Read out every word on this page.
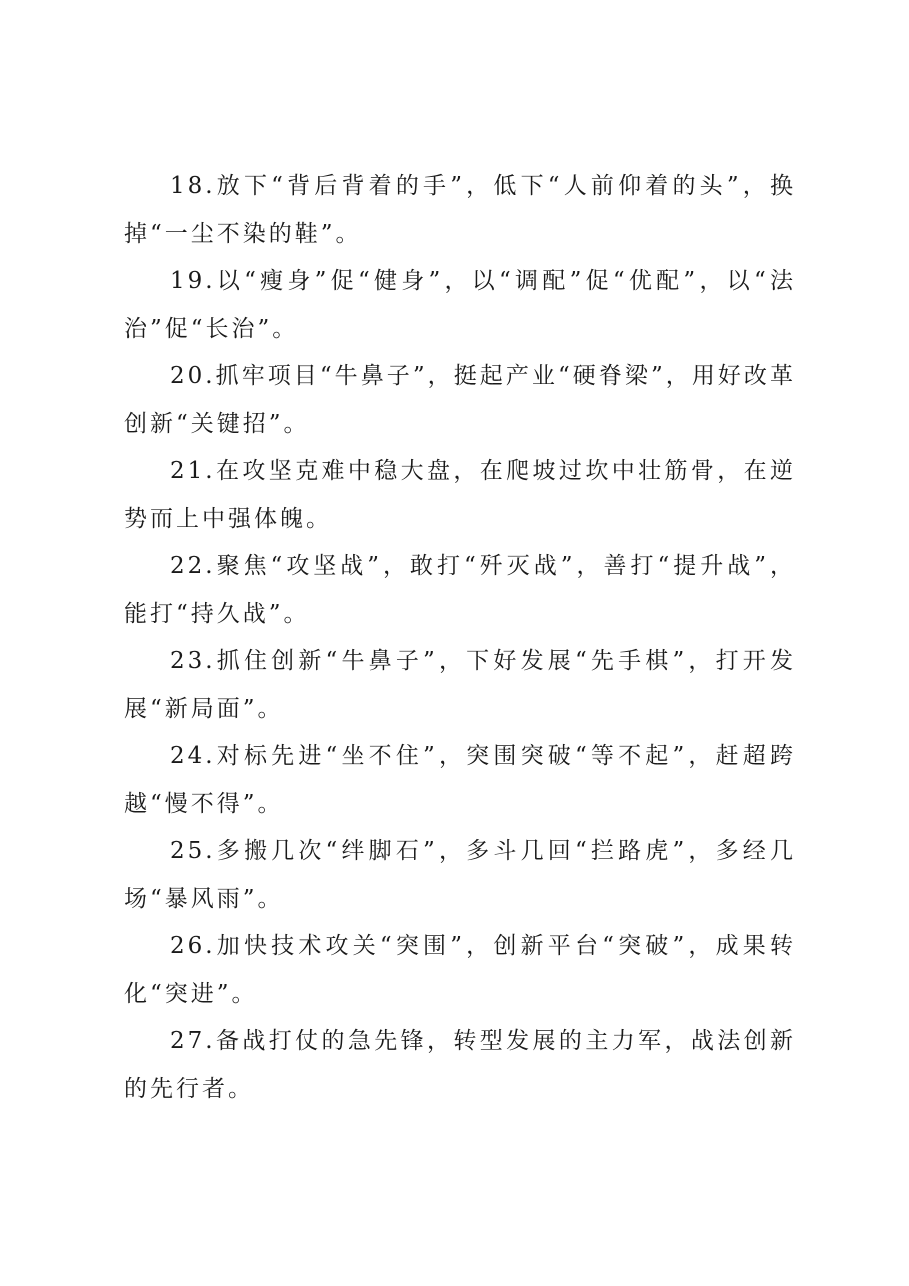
18.放下“背后背着的手”，低下“人前仰着的头”，换掉“一尘不染的鞋”。

19.以“瘦身”促“健身”，以“调配”促“优配”，以“法治”促“长治”。

20.抓牢项目“牛鼻子”，挺起产业“硬脊梁”，用好改革创新“关键招”。

21.在攻坚克难中稳大盘，在爬坡过坎中壮筋骨，在逆势而上中强体魄。

22.聚焦“攻坚战”，敢打“歼灭战”，善打“提升战”，能打“持久战”。

23.抓住创新“牛鼻子”，下好发展“先手棋”，打开发展“新局面”。

24.对标先进“坐不住”，突围突破“等不起”，赶超跨越“慢不得”。

25.多搬几次“绊脚石”，多斗几回“拦路虎”，多经几场“暴风雨”。

26.加快技术攻关“突围”，创新平台“突破”，成果转化“突进”。

27.备战打仗的急先锋，转型发展的主力军，战法创新的先行者。
